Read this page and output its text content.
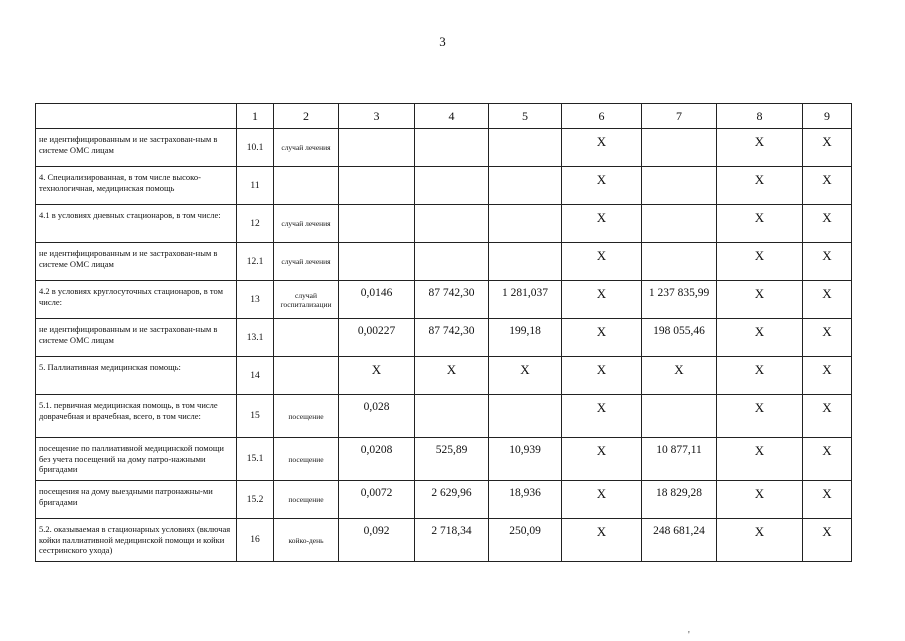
3
	1	2	3	4	5	6	7	8	9
не идентифицированным и не застрахован-ным в системе ОМС лицам	10.1	случай лечения				X		X	X
4. Специализированная, в том числе высоко-технологичная, медицинская помощь	11					X		X	X
4.1 в условиях дневных стационаров, в том числе:	12	случай лечения				X		X	X
не идентифицированным и не застрахован-ным в системе ОМС лицам	12.1	случай лечения				X		X	X
4.2 в условиях круглосуточных стационаров, в том числе:	13	случай госпитализации	0,0146	87 742,30	1 281,037	X	1 237 835,99	X	X
не идентифицированным и не застрахован-ным в системе ОМС лицам	13.1		0,00227	87 742,30	199,18	X	198 055,46	X	X
5. Паллиативная медицинская помощь:	14		X	X	X	X	X	X	X
5.1. первичная медицинская помощь, в том числе доврачебная и врачебная, всего, в том числе:	15	посещение	0,028			X		X	X
посещение по паллиативной медицинской помощи без учета посещений на дому патро-нажными бригадами	15.1	посещение	0,0208	525,89	10,939	X	10 877,11	X	X
посещения на дому выездными патронажны-ми бригадами	15.2	посещение	0,0072	2 629,96	18,936	X	18 829,28	X	X
5.2. оказываемая в стационарных условиях (включая койки паллиативной медицинской помощи и койки сестринского ухода)	16	койко-день	0,092	2 718,34	250,09	X	248 681,24	X	X
'
